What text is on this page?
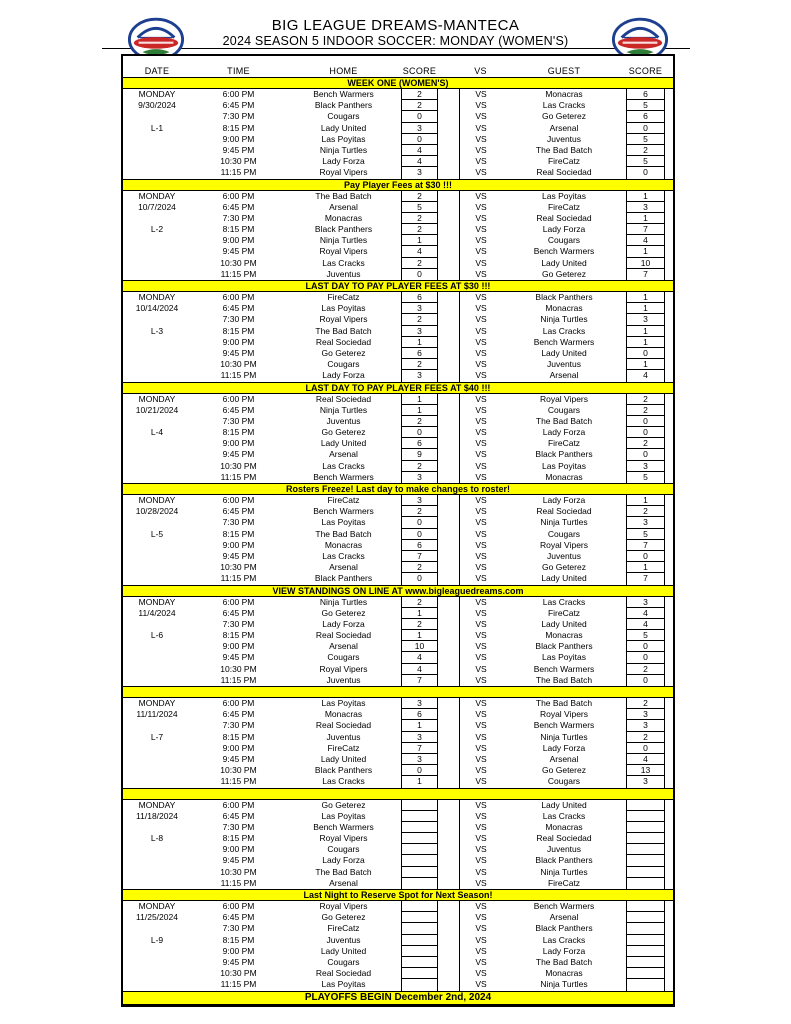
BIG LEAGUE DREAMS-MANTECA
2024 SEASON 5 INDOOR SOCCER: MONDAY (WOMEN'S)
DATE	TIME	HOME	SCORE	VS	GUEST	SCORE
WEEK ONE (WOMEN'S)
MONDAY	6:00 PM	Bench Warmers	2	VS	Monacras	6
9/30/2024	6:45 PM	Black Panthers	2	VS	Las Cracks	5
7:30 PM	Cougars	0	VS	Go Geterez	6
L-1	8:15 PM	Lady United	3	VS	Arsenal	0
9:00 PM	Las Poyitas	0	VS	Juventus	5
9:45 PM	Ninja Turtles	4	VS	The Bad Batch	2
10:30 PM	Lady Forza	4	VS	FireCatz	5
11:15 PM	Royal Vipers	3	VS	Real Sociedad	0
Pay Player Fees at $30 !!!
MONDAY	6:00 PM	The Bad Batch	2	VS	Las Poyitas	1
10/7/2024	6:45 PM	Arsenal	5	VS	FireCatz	3
7:30 PM	Monacras	2	VS	Real Sociedad	1
L-2	8:15 PM	Black Panthers	2	VS	Lady Forza	7
9:00 PM	Ninja Turtles	1	VS	Cougars	4
9:45 PM	Royal Vipers	4	VS	Bench Warmers	1
10:30 PM	Las Cracks	2	VS	Lady United	10
11:15 PM	Juventus	0	VS	Go Geterez	7
LAST DAY TO PAY PLAYER FEES AT $30 !!!
MONDAY	6:00 PM	FireCatz	6	VS	Black Panthers	1
10/14/2024	6:45 PM	Las Poyitas	3	VS	Monacras	1
7:30 PM	Royal Vipers	2	VS	Ninja Turtles	3
L-3	8:15 PM	The Bad Batch	3	VS	Las Cracks	1
9:00 PM	Real Sociedad	1	VS	Bench Warmers	1
9:45 PM	Go Geterez	6	VS	Lady United	0
10:30 PM	Cougars	2	VS	Juventus	1
11:15 PM	Lady Forza	3	VS	Arsenal	4
LAST DAY TO PAY PLAYER FEES AT $40 !!!
MONDAY	6:00 PM	Real Sociedad	1	VS	Royal Vipers	2
10/21/2024	6:45 PM	Ninja Turtles	1	VS	Cougars	2
7:30 PM	Juventus	2	VS	The Bad Batch	0
L-4	8:15 PM	Go Geterez	0	VS	Lady Forza	0
9:00 PM	Lady United	6	VS	FireCatz	2
9:45 PM	Arsenal	9	VS	Black Panthers	0
10:30 PM	Las Cracks	2	VS	Las Poyitas	3
11:15 PM	Bench Warmers	3	VS	Monacras	5
Rosters Freeze! Last day to make changes to roster!
MONDAY	6:00 PM	FireCatz	3	VS	Lady Forza	1
10/28/2024	6:45 PM	Bench Warmers	2	VS	Real Sociedad	2
7:30 PM	Las Poyitas	0	VS	Ninja Turtles	3
L-5	8:15 PM	The Bad Batch	0	VS	Cougars	5
9:00 PM	Monacras	6	VS	Royal Vipers	7
9:45 PM	Las Cracks	7	VS	Juventus	0
10:30 PM	Arsenal	2	VS	Go Geterez	1
11:15 PM	Black Panthers	0	VS	Lady United	7
VIEW STANDINGS ON LINE AT www.bigleaguedreams.com
MONDAY	6:00 PM	Ninja Turtles	2	VS	Las Cracks	3
11/4/2024	6:45 PM	Go Geterez	1	VS	FireCatz	4
7:30 PM	Lady Forza	2	VS	Lady United	4
L-6	8:15 PM	Real Sociedad	1	VS	Monacras	5
9:00 PM	Arsenal	10	VS	Black Panthers	0
9:45 PM	Cougars	4	VS	Las Poyitas	0
10:30 PM	Royal Vipers	4	VS	Bench Warmers	2
11:15 PM	Juventus	7	VS	The Bad Batch	0
MONDAY	6:00 PM	Las Poyitas	3	VS	The Bad Batch	2
11/11/2024	6:45 PM	Monacras	6	VS	Royal Vipers	3
7:30 PM	Real Sociedad	1	VS	Bench Warmers	3
L-7	8:15 PM	Juventus	3	VS	Ninja Turtles	2
9:00 PM	FireCatz	7	VS	Lady Forza	0
9:45 PM	Lady United	3	VS	Arsenal	4
10:30 PM	Black Panthers	0	VS	Go Geterez	13
11:15 PM	Las Cracks	1	VS	Cougars	3
MONDAY	6:00 PM	Go Geterez	VS	Lady United
11/18/2024	6:45 PM	Las Poyitas	VS	Las Cracks
7:30 PM	Bench Warmers	VS	Monacras
L-8	8:15 PM	Royal Vipers	VS	Real Sociedad
9:00 PM	Cougars	VS	Juventus
9:45 PM	Lady Forza	VS	Black Panthers
10:30 PM	The Bad Batch	VS	Ninja Turtles
11:15 PM	Arsenal	VS	FireCatz
Last Night to Reserve Spot for Next Season!
MONDAY	6:00 PM	Royal Vipers	VS	Bench Warmers
11/25/2024	6:45 PM	Go Geterez	VS	Arsenal
7:30 PM	FireCatz	VS	Black Panthers
L-9	8:15 PM	Juventus	VS	Las Cracks
9:00 PM	Lady United	VS	Lady Forza
9:45 PM	Cougars	VS	The Bad Batch
10:30 PM	Real Sociedad	VS	Monacras
11:15 PM	Las Poyitas	VS	Ninja Turtles
PLAYOFFS BEGIN December 2nd, 2024
